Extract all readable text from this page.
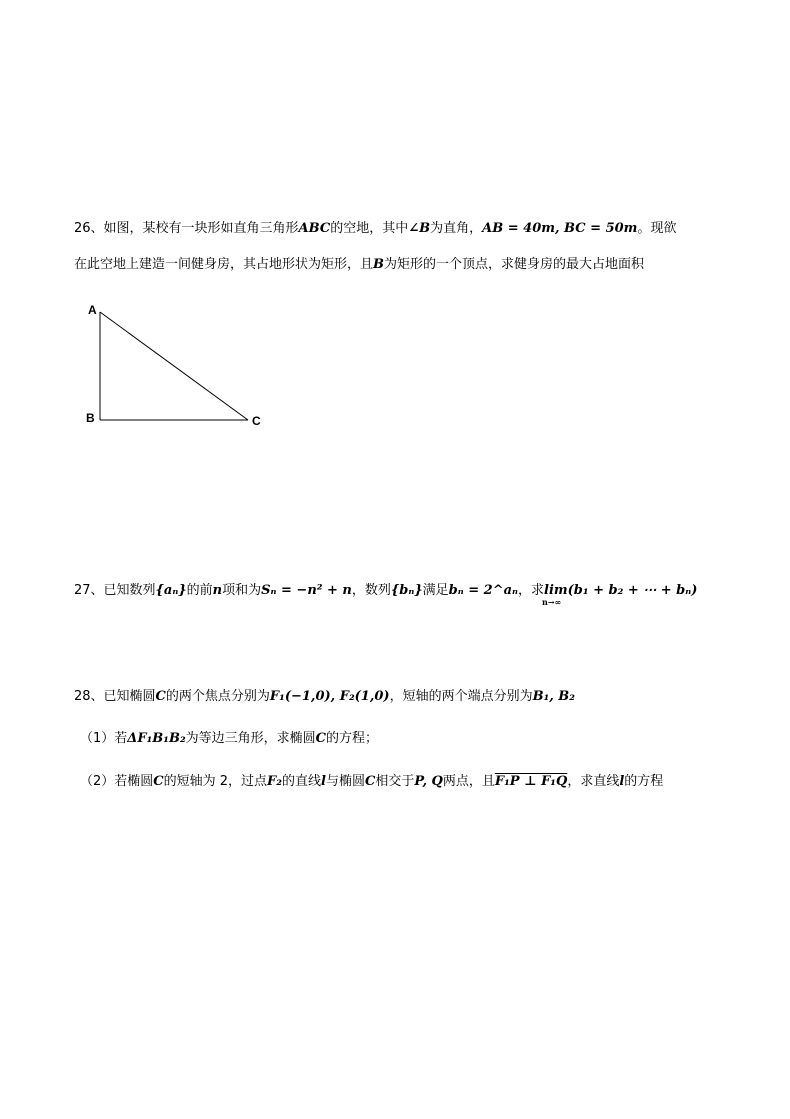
26、如图，某校有一块形如直角三角形ABC的空地，其中∠B为直角，AB = 40m, BC = 50m。现欲
在此空地上建造一间健身房，其占地形状为矩形，且B为矩形的一个顶点，求健身房的最大占地面积
A
B	C
27、已知数列{aₙ}的前n项和为Sₙ = −n² + n，数列{bₙ}满足bₙ = 2^aₙ，求lim(b₁ + b₂ + ⋯ + bₙ)
n→∞
28、已知椭圆C的两个焦点分别为F₁(−1,0), F₂(1,0)，短轴的两个端点分别为B₁, B₂
（1）若ΔF₁B₁B₂为等边三角形，求椭圆C的方程；
（2）若椭圆C的短轴为 2，过点F₂的直线l与椭圆C相交于P, Q两点，且F₁P ⊥ F₁Q，求直线l的方程
